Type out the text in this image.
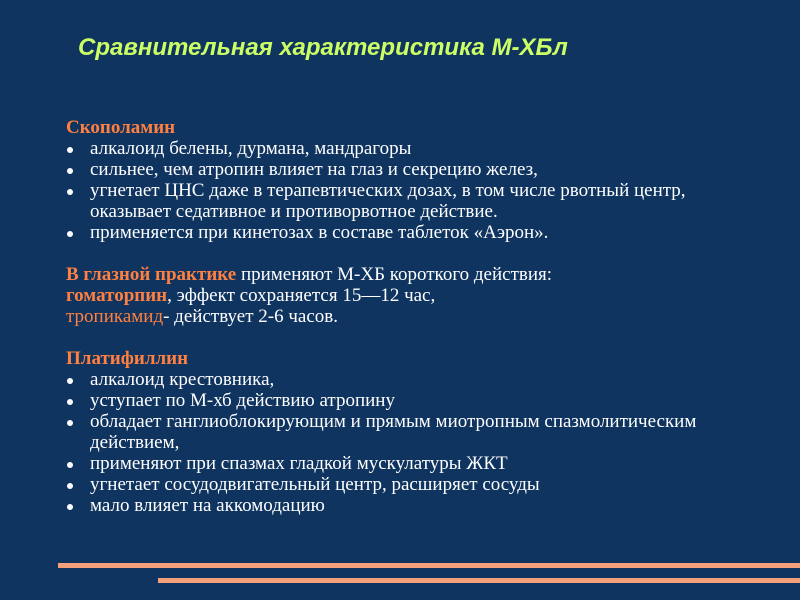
Сравнительная характеристика М-ХБл
Скополамин
алкалоид белены, дурмана, мандрагоры
сильнее, чем атропин влияет на глаз и секрецию желез,
угнетает ЦНС даже в терапевтических дозах, в том числе рвотный центр, оказывает седативное и противорвотное действие.
применяется при кинетозах в составе таблеток «Аэрон».
В глазной практике применяют М-ХБ короткого действия:
гоматорпин, эффект сохраняется 15—12 час,
тропикамид- действует 2-6 часов.
Платифиллин
алкалоид крестовника,
уступает по М-хб действию атропину
обладает ганглиоблокирующим и прямым миотропным спазмолитическим действием,
применяют при спазмах гладкой мускулатуры ЖКТ
угнетает сосудодвигательный центр, расширяет сосуды
мало влияет на аккомодацию
